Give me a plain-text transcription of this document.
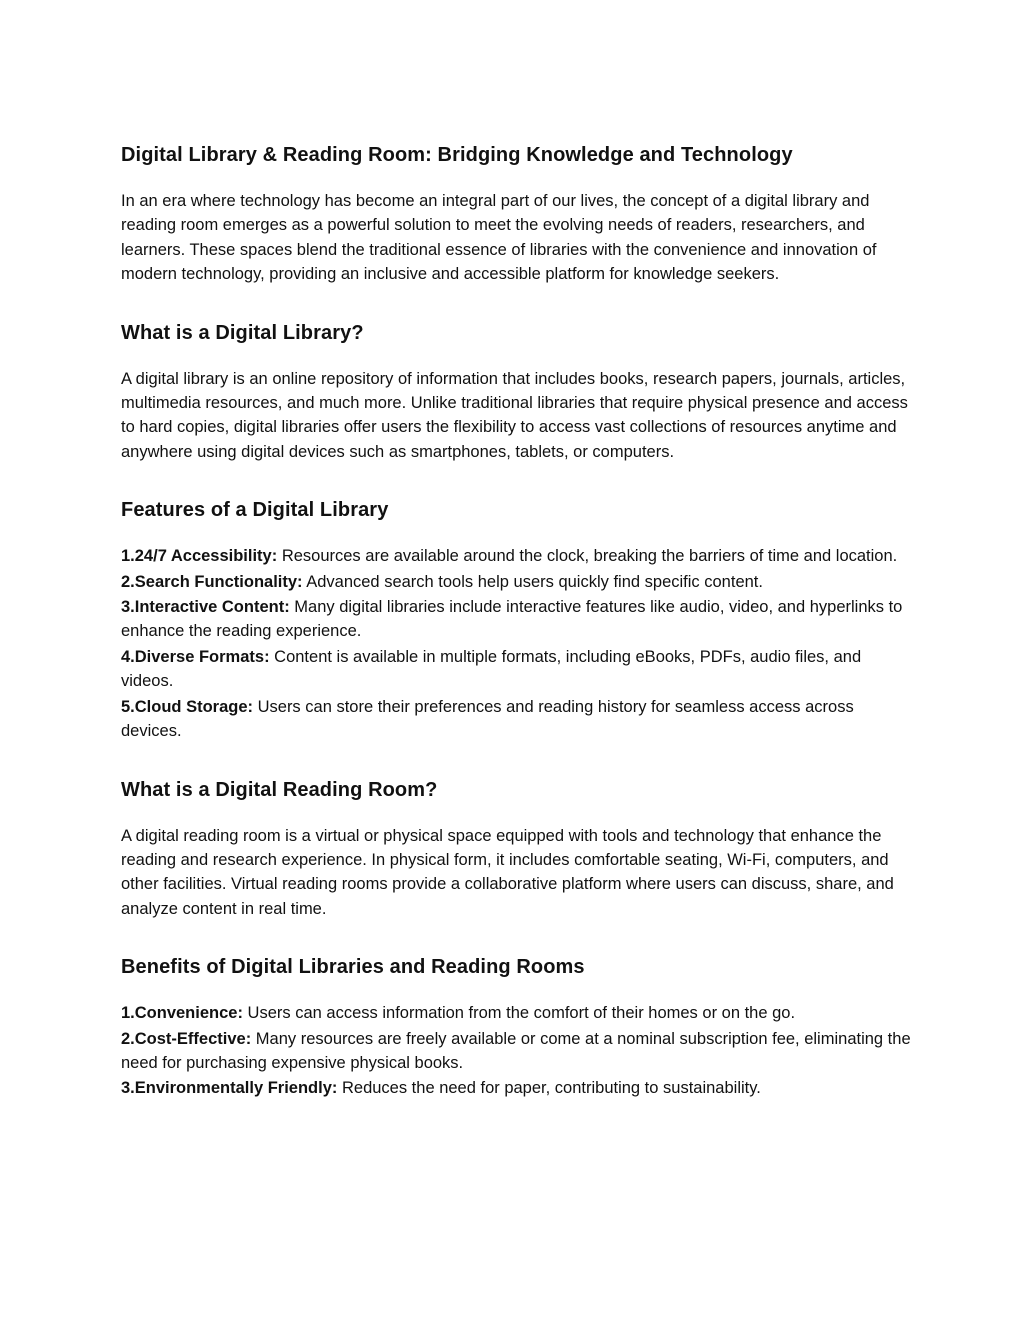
Digital Library & Reading Room: Bridging Knowledge and Technology

In an era where technology has become an integral part of our lives, the concept of a digital library and reading room emerges as a powerful solution to meet the evolving needs of readers, researchers, and learners. These spaces blend the traditional essence of libraries with the convenience and innovation of modern technology, providing an inclusive and accessible platform for knowledge seekers.

What is a Digital Library?

A digital library is an online repository of information that includes books, research papers, journals, articles, multimedia resources, and much more. Unlike traditional libraries that require physical presence and access to hard copies, digital libraries offer users the flexibility to access vast collections of resources anytime and anywhere using digital devices such as smartphones, tablets, or computers.

Features of a Digital Library

1.24/7 Accessibility: Resources are available around the clock, breaking the barriers of time and location.

2.Search Functionality: Advanced search tools help users quickly find specific content.

3.Interactive Content: Many digital libraries include interactive features like audio, video, and hyperlinks to enhance the reading experience.

4.Diverse Formats: Content is available in multiple formats, including eBooks, PDFs, audio files, and videos.

5.Cloud Storage: Users can store their preferences and reading history for seamless access across devices.

What is a Digital Reading Room?

A digital reading room is a virtual or physical space equipped with tools and technology that enhance the reading and research experience. In physical form, it includes comfortable seating, Wi-Fi, computers, and other facilities. Virtual reading rooms provide a collaborative platform where users can discuss, share, and analyze content in real time.

Benefits of Digital Libraries and Reading Rooms

1.Convenience: Users can access information from the comfort of their homes or on the go.

2.Cost-Effective: Many resources are freely available or come at a nominal subscription fee, eliminating the need for purchasing expensive physical books.

3.Environmentally Friendly: Reduces the need for paper, contributing to sustainability.
